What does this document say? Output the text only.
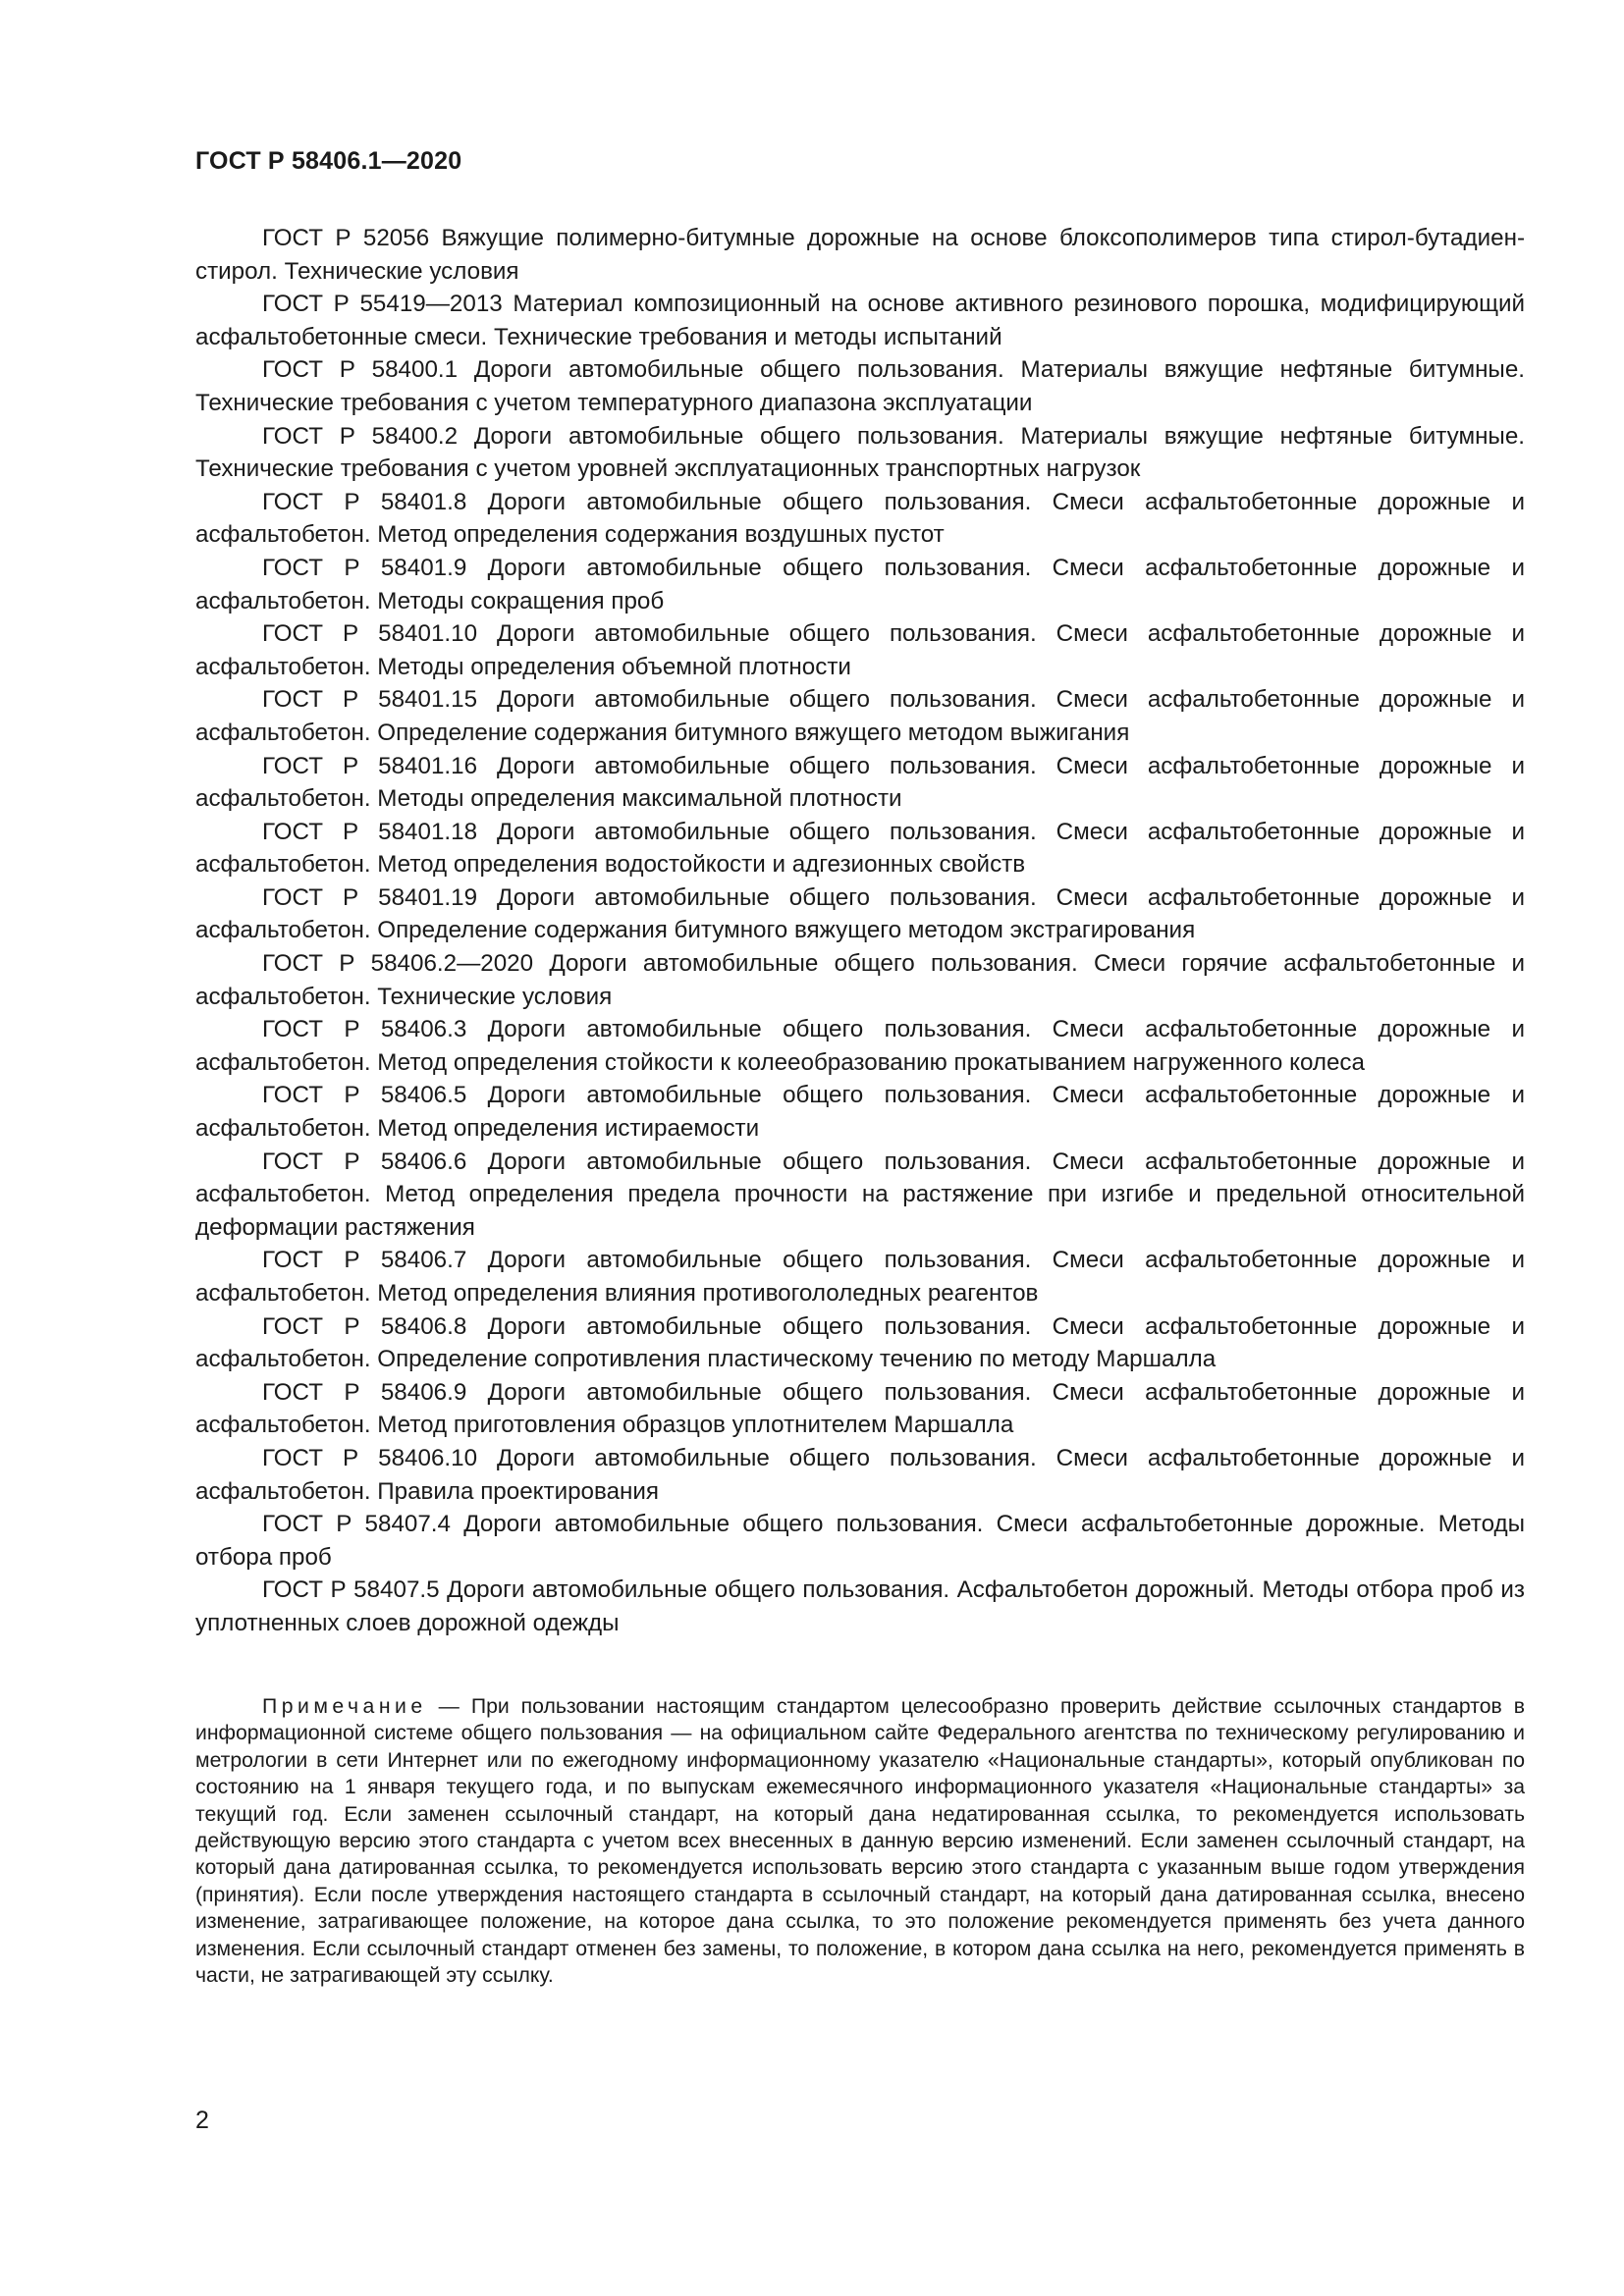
ГОСТ Р 58406.1—2020

ГОСТ Р 52056 Вяжущие полимерно-битумные дорожные на основе блоксополимеров типа стирол-бутадиен-стирол. Технические условия

ГОСТ Р 55419—2013 Материал композиционный на основе активного резинового порошка, модифицирующий асфальтобетонные смеси. Технические требования и методы испытаний

ГОСТ Р 58400.1 Дороги автомобильные общего пользования. Материалы вяжущие нефтяные битумные. Технические требования с учетом температурного диапазона эксплуатации

ГОСТ Р 58400.2 Дороги автомобильные общего пользования. Материалы вяжущие нефтяные битумные. Технические требования с учетом уровней эксплуатационных транспортных нагрузок

ГОСТ Р 58401.8 Дороги автомобильные общего пользования. Смеси асфальтобетонные дорожные и асфальтобетон. Метод определения содержания воздушных пустот

ГОСТ Р 58401.9 Дороги автомобильные общего пользования. Смеси асфальтобетонные дорожные и асфальтобетон. Методы сокращения проб

ГОСТ Р 58401.10 Дороги автомобильные общего пользования. Смеси асфальтобетонные дорожные и асфальтобетон. Методы определения объемной плотности

ГОСТ Р 58401.15 Дороги автомобильные общего пользования. Смеси асфальтобетонные дорожные и асфальтобетон. Определение содержания битумного вяжущего методом выжигания

ГОСТ Р 58401.16 Дороги автомобильные общего пользования. Смеси асфальтобетонные дорожные и асфальтобетон. Методы определения максимальной плотности

ГОСТ Р 58401.18 Дороги автомобильные общего пользования. Смеси асфальтобетонные дорожные и асфальтобетон. Метод определения водостойкости и адгезионных свойств

ГОСТ Р 58401.19 Дороги автомобильные общего пользования. Смеси асфальтобетонные дорожные и асфальтобетон. Определение содержания битумного вяжущего методом экстрагирования

ГОСТ Р 58406.2—2020 Дороги автомобильные общего пользования. Смеси горячие асфальтобетонные и асфальтобетон. Технические условия

ГОСТ Р 58406.3 Дороги автомобильные общего пользования. Смеси асфальтобетонные дорожные и асфальтобетон. Метод определения стойкости к колееобразованию прокатыванием нагруженного колеса

ГОСТ Р 58406.5 Дороги автомобильные общего пользования. Смеси асфальтобетонные дорожные и асфальтобетон. Метод определения истираемости

ГОСТ Р 58406.6 Дороги автомобильные общего пользования. Смеси асфальтобетонные дорожные и асфальтобетон. Метод определения предела прочности на растяжение при изгибе и предельной относительной деформации растяжения

ГОСТ Р 58406.7 Дороги автомобильные общего пользования. Смеси асфальтобетонные дорожные и асфальтобетон. Метод определения влияния противогололедных реагентов

ГОСТ Р 58406.8 Дороги автомобильные общего пользования. Смеси асфальтобетонные дорожные и асфальтобетон. Определение сопротивления пластическому течению по методу Маршалла

ГОСТ Р 58406.9 Дороги автомобильные общего пользования. Смеси асфальтобетонные дорожные и асфальтобетон. Метод приготовления образцов уплотнителем Маршалла

ГОСТ Р 58406.10 Дороги автомобильные общего пользования. Смеси асфальтобетонные дорожные и асфальтобетон. Правила проектирования

ГОСТ Р 58407.4 Дороги автомобильные общего пользования. Смеси асфальтобетонные дорожные. Методы отбора проб

ГОСТ Р 58407.5 Дороги автомобильные общего пользования. Асфальтобетон дорожный. Методы отбора проб из уплотненных слоев дорожной одежды

Примечание — При пользовании настоящим стандартом целесообразно проверить действие ссылочных стандартов в информационной системе общего пользования — на официальном сайте Федерального агентства по техническому регулированию и метрологии в сети Интернет или по ежегодному информационному указателю «Национальные стандарты», который опубликован по состоянию на 1 января текущего года, и по выпускам ежемесячного информационного указателя «Национальные стандарты» за текущий год. Если заменен ссылочный стандарт, на который дана недатированная ссылка, то рекомендуется использовать действующую версию этого стандарта с учетом всех внесенных в данную версию изменений. Если заменен ссылочный стандарт, на который дана датированная ссылка, то рекомендуется использовать версию этого стандарта с указанным выше годом утверждения (принятия). Если после утверждения настоящего стандарта в ссылочный стандарт, на который дана датированная ссылка, внесено изменение, затрагивающее положение, на которое дана ссылка, то это положение рекомендуется применять без учета данного изменения. Если ссылочный стандарт отменен без замены, то положение, в котором дана ссылка на него, рекомендуется применять в части, не затрагивающей эту ссылку.

2
